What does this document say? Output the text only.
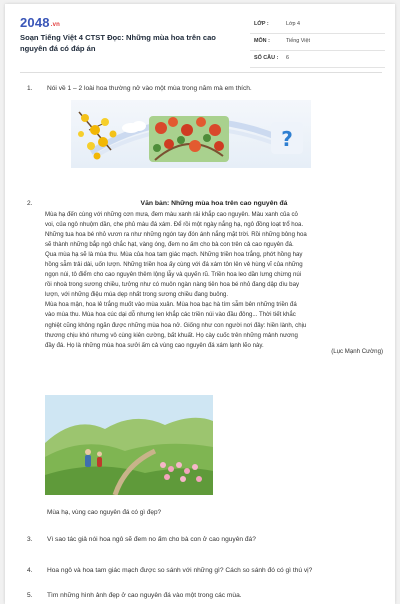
2048.vn
Soạn Tiếng Việt 4 CTST Đọc: Những mùa hoa trên cao nguyên đá có đáp án
LỚP :	Lớp 4
MÔN :	Tiếng Việt
SỐ CÂU : 6
1. Nói về 1 – 2 loài hoa thường nở vào một mùa trong năm mà em thích.
?
2.	Văn bản: Những mùa hoa trên cao nguyên đá

Mùa hạ đến cùng với những cơn mưa, đem màu xanh rải khắp cao nguyên. Màu xanh của cỏ

voi, của ngô nhuộm dần, che phủ màu đá xám. Để rồi một ngày nắng hạ, ngô đồng loạt trổ hoa.

Những tua hoa bé nhỏ vươn ra như những ngón tay đón ánh nắng mặt trời. Rồi những bông hoa

sẽ thành những bắp ngô chắc hạt, vàng óng, đem no ấm cho bà con trên cả cao nguyên đá.

Qua mùa hạ sẽ là mùa thu. Mùa của hoa tam giác mạch. Những triền hoa trắng, phớt hồng hay

hồng sẫm trải dài, uốn lượn. Những triền hoa ấy cùng với đá xám tôn lên vẻ hùng vĩ của những

ngọn núi, tô điểm cho cao nguyên thêm lộng lẫy và quyến rũ. Triền hoa leo dần lưng chừng núi

rồi nhoà trong sương chiều, tưởng như có muôn ngàn nàng tiên hoa bé nhỏ đang dập dìu bay

lượn, với những điệu múa dẹp nhất trong sương chiều đang buông.

Mùa hoa mận, hoa lê trắng muốt vào mùa xuân. Mùa hoa bạc hà tím sẫm bên những triền đá

vào mùa thu. Mùa hoa cúc dại dỗ nhưng len khắp các triền núi vào đầu đông... Thời tiết khắc

nghiệt cũng không ngăn được những mùa hoa nở. Giống như con người nơi đây: hiền lành, chịu

thương chịu khó nhưng vô cùng kiên cường, bất khuất. Họ cày cuốc trên những mảnh nương

đầy đá. Họ là những mùa hoa sưởi ấm cả vùng cao nguyên đá xám lạnh lẽo này.

(Lục Mạnh Cường)
Mùa hạ, vùng cao nguyên đá có gì đẹp?
3. Vì sao tác giả nói hoa ngô sẽ đem no ấm cho bà con ở cao nguyên đá?
4. Hoa ngô và hoa tam giác mạch được so sánh với những gì? Cách so sánh đó có gì thú vị?
5. Tìm những hình ảnh đẹp ở cao nguyên đá vào một trong các mùa.
